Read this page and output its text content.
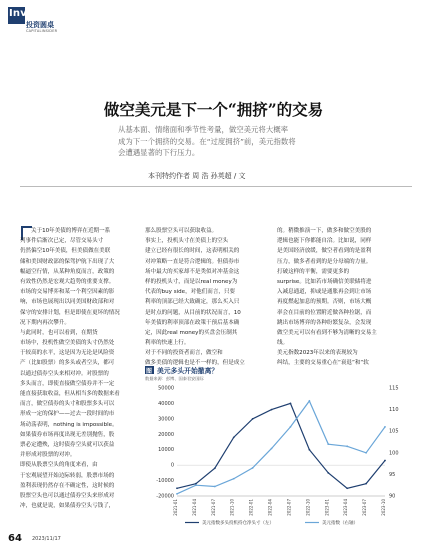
Investor
投资圆桌
CAPITALINSIDER
做空美元是下一个“拥挤”的交易
从基本面、情绪面和季节性考量，做空美元将大概率
成为下一个拥挤的交易。在“过度拥挤”前，美元指数将
会遭遇显著的下行压力。
本刊特约作者 周 浩 孙英超 / 文
关于10年美债的博弈在近期一系
列事件后渐次已定，尽管交易头寸
仍然偏空10年美债，但美债做在美联
储和美国财政部的保驾护航下出现了大
幅逼空行情，从某种角度而言，政策的
有效性仍然是宏观大趋势的重要支撑。
市场的交易博弈和某一个利空因素的影
响，市场也展现出以同美国财政部和对
保守的安排计划，但是即使在更坏的情况
况下期内再次攀升。
与此同时，也可以看到，在期货
市场中，投机性做空美债的头寸仍然处
于较高的水平，这是因为无论是风险资
产（比如股票）的多头或者空头，都可
以通过债券空头来相对冲。对股票的
多头而言，即使直接做空债券并不一定
能直接获取收益，但从相当多的数据来看
而言，做空债券的头寸和股票多头可以
形成一定的保护——过去一段时间的市
场动荡表明，nothing is impossible。
如果债券市场再度出现无差别抛售，股
票必定遭殃，这时债券空头就可以获益
并形成对股票的对冲。
即使从股票空头的角度来看，由
于宏观展望开始边际转弱，股票市场的
盈利表现仍然存在不确定性，这时候的
股票空头也可以通过债券空头来形成对
冲，也就是说，如果债券空头亏钱了，
那么股票空头可以获取收益。
事实上，投机头寸在美债上的空头
建立已经有很长的时间，这表明相关的
对冲策略一直是符合逻辑的。但债券市
场中最大的买家却不是类似对冲基金这
样的投机头寸，而是以real money为
代表的buy side，对他们而言，只要
利率的顶部已经大致确定，那么买入只
是时点的问题，从目前的状况而言，10
年美债的利率顶部在政策干预后基本确
定，因此real money的买盘会压制其
利率的快速上行。
对于不同的投资者而言，做空和
做多美债的逻辑也是不一样的，但是成立
的。稍微推演一下，做多和做空美股的
逻辑也能下你都能自洽。比如说，同样
是美国经济放缓，做空者看到的是盈利
压力，做多者看到的是分母端的力量。
打破这样的平衡，需要更多的
surprise。比如若市场确信美联储将进
入减息通道，抑或是通胀再会到让市场
再度燃起加息的预期。否则，市场大概
率会在目前的位置附近做各种拉锯，而
跳出市场博弈的各种纷繁复杂，会发现
做空美元可以有看到不够为清晰的交易主
线。
美元指数2023年以来的表现较为
纠结，主要的交易重心在“衰退”和“软
图 美元多头开始撤离？
数据来源：彭博、国泰君安国际
50000
40000
30000
20000
10000
0
-10000
-20000
115
110
105
100
95
90
2021-01	2021-04	2021-07	2021-10	2022-01	2022-04	2022-07	2022-10	2023-01	2023-04	2023-07	2023-10
美元指数多头投机持仓净头寸（左）	美元指数（右轴）
64 2023/11/17
